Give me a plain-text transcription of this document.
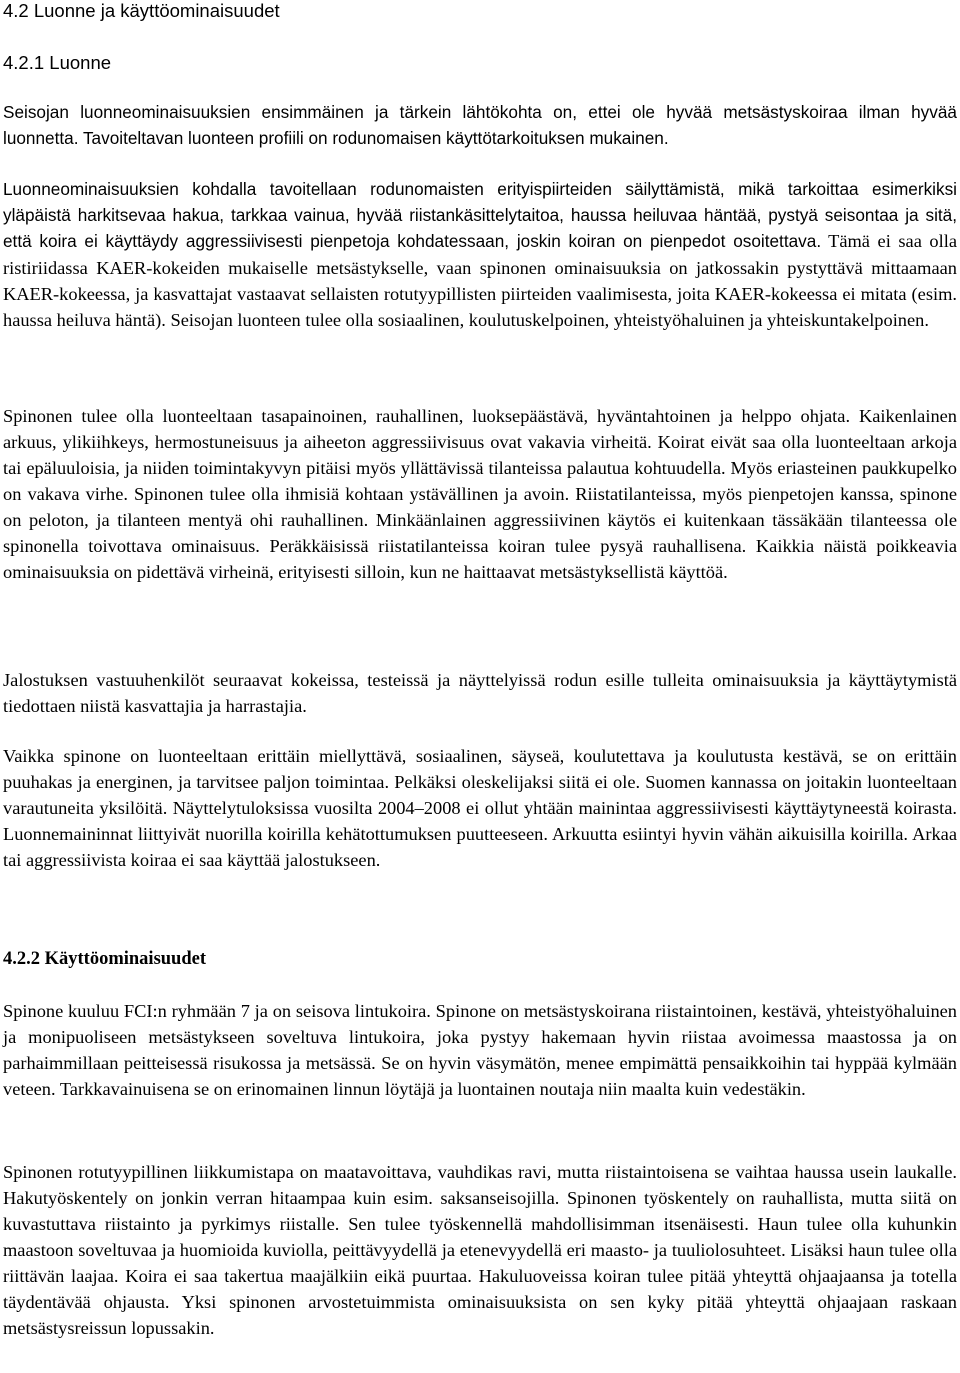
4.2 Luonne ja käyttöominaisuudet
4.2.1 Luonne

Seisojan luonneominaisuuksien ensimmäinen ja tärkein lähtökohta on, ettei ole hyvää metsästyskoiraa ilman hyvää luonnetta. Tavoiteltavan luonteen profiili on rodunomaisen käyttötarkoituksen mukainen.

Luonneominaisuuksien kohdalla tavoitellaan rodunomaisten erityispiirteiden säilyttämistä, mikä tarkoittaa esimerkiksi yläpäistä harkitsevaa hakua, tarkkaa vainua, hyvää riistankäsittelytaitoa, haussa heiluvaa häntää, pystyä seisontaa ja sitä, että koira ei käyttäydy aggressiivisesti pienpetoja kohdatessaan, joskin koiran on pienpedot osoitettava. Tämä ei saa olla ristiriidassa KAER-kokeiden mukaiselle metsästykselle, vaan spinonen ominaisuuksia on jatkossakin pystyttävä mittaamaan KAER-kokeessa, ja kasvattajat vastaavat sellaisten rotutyypillisten piirteiden vaalimisesta, joita KAER-kokeessa ei mitata (esim. haussa heiluva häntä). Seisojan luonteen tulee olla sosiaalinen, koulutuskelpoinen, yhteistyöhaluinen ja yhteiskuntakelpoinen.

Spinonen tulee olla luonteeltaan tasapainoinen, rauhallinen, luoksepäästävä, hyväntahtoinen ja helppo ohjata. Kaikenlainen arkuus, ylikiihkeys, hermostuneisuus ja aiheeton aggressiivisuus ovat vakavia virheitä. Koirat eivät saa olla luonteeltaan arkoja tai epäluuloisia, ja niiden toimintakyvyn pitäisi myös yllättävissä tilanteissa palautua kohtuudella. Myös eriasteinen paukkupelko on vakava virhe. Spinonen tulee olla ihmisiä kohtaan ystävällinen ja avoin. Riistatilanteissa, myös pienpetojen kanssa, spinone on peloton, ja tilanteen mentyä ohi rauhallinen. Minkäänlainen aggressiivinen käytös ei kuitenkaan tässäkään tilanteessa ole spinonella toivottava ominaisuus. Peräkkäisissä riistatilanteissa koiran tulee pysyä rauhallisena. Kaikkia näistä poikkeavia ominaisuuksia on pidettävä virheinä, erityisesti silloin, kun ne haittaavat metsästyksellistä käyttöä.

Jalostuksen vastuuhenkilöt seuraavat kokeissa, testeissä ja näyttelyissä rodun esille tulleita ominaisuuksia ja käyttäytymistä tiedottaen niistä kasvattajia ja harrastajia.

Vaikka spinone on luonteeltaan erittäin miellyttävä, sosiaalinen, säyseä, koulutettava ja koulutusta kestävä, se on erittäin puuhakas ja energinen, ja tarvitsee paljon toimintaa. Pelkäksi oleskelijaksi siitä ei ole. Suomen kannassa on joitakin luonteeltaan varautuneita yksilöitä. Näyttelytuloksissa vuosilta 2004–2008 ei ollut yhtään mainintaa aggressiivisesti käyttäytyneestä koirasta. Luonnemaininnat liittyivät nuorilla koirilla kehätottumuksen puutteeseen. Arkuutta esiintyi hyvin vähän aikuisilla koirilla. Arkaa tai aggressiivista koiraa ei saa käyttää jalostukseen.

4.2.2 Käyttöominaisuudet

Spinone kuuluu FCI:n ryhmään 7 ja on seisova lintukoira. Spinone on metsästyskoirana riistaintoinen, kestävä, yhteistyöhaluinen ja monipuoliseen metsästykseen soveltuva lintukoira, joka pystyy hakemaan hyvin riistaa avoimessa maastossa ja on parhaimmillaan peitteisessä risukossa ja metsässä. Se on hyvin väsymätön, menee empimättä pensaikkoihin tai hyppää kylmään veteen. Tarkkavainuisena se on erinomainen linnun löytäjä ja luontainen noutaja niin maalta kuin vedestäkin.

Spinonen rotutyypillinen liikkumistapa on maatavoittava, vauhdikas ravi, mutta riistaintoisena se vaihtaa haussa usein laukalle. Hakutyöskentely on jonkin verran hitaampaa kuin esim. saksanseisojilla. Spinonen työskentely on rauhallista, mutta siitä on kuvastuttava riistainto ja pyrkimys riistalle. Sen tulee työskennellä mahdollisimman itsenäisesti. Haun tulee olla kuhunkin maastoon soveltuvaa ja huomioida kuviolla, peittävyydellä ja etenevyydellä eri maasto- ja tuuliolosuhteet. Lisäksi haun tulee olla riittävän laajaa. Koira ei saa takertua maajälkiin eikä puurtaa. Hakuluoveissa koiran tulee pitää yhteyttä ohjaajaansa ja totella täydentävää ohjausta. Yksi spinonen arvostetuimmista ominaisuuksista on sen kyky pitää yhteyttä ohjaajaan raskaan metsästysreissun lopussakin.
